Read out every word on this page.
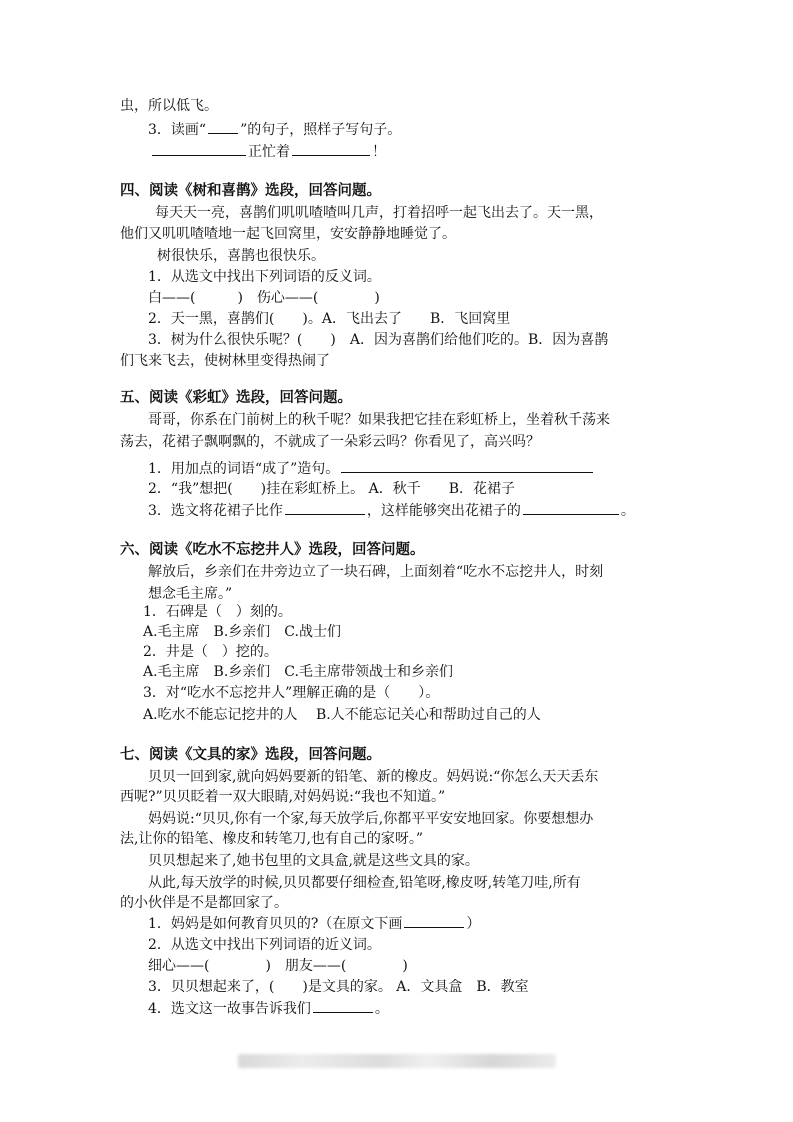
虫，所以低飞。
3．读画“ ”的句子，照样子写句子。
正忙着	！
四、阅读《树和喜鹊》选段，回答问题。
每天天一亮，喜鹊们叽叽喳喳叫几声，打着招呼一起飞出去了。天一黑，
他们又叽叽喳喳地一起飞回窝里，安安静静地睡觉了。
树很快乐，喜鹊也很快乐。
1．从选文中找出下列词语的反义词。
白——(　　　)　伤心——(　　　　)
2．天一黑，喜鹊们(　　)。A．飞出去了　　B．飞回窝里
3．树为什么很快乐呢？(　　)　A．因为喜鹊们给他们吃的。B．因为喜鹊
们飞来飞去，使树林里变得热闹了
五、阅读《彩虹》选段，回答问题。
哥哥，你系在门前树上的秋千呢？如果我把它挂在彩虹桥上，坐着秋千荡来
荡去，花裙子飘啊飘的，不就成了一朵彩云吗？你看见了，高兴吗？
1．用加点的词语“成了”造句。
2．“我”想把(　　)挂在彩虹桥上。 A．秋千　　B．花裙子
3．选文将花裙子比作	，这样能够突出花裙子的	。
六、阅读《吃水不忘挖井人》选段，回答问题。
解放后，乡亲们在井旁边立了一块石碑，上面刻着“吃水不忘挖井人，时刻
想念毛主席。”
1．石碑是（　）刻的。
A.毛主席　B.乡亲们　C.战士们
2．井是（　）挖的。
A.毛主席　B.乡亲们　C.毛主席带领战士和乡亲们
3．对“吃水不忘挖井人”理解正确的是（　　）。
A.吃水不能忘记挖井的人　 B.人不能忘记关心和帮助过自己的人
七、阅读《文具的家》选段，回答问题。
贝贝一回到家,就向妈妈要新的铅笔、新的橡皮。妈妈说:“你怎么天天丢东
西呢?”贝贝眨着一双大眼睛,对妈妈说:“我也不知道。”
妈妈说:“贝贝,你有一个家,每天放学后,你都平平安安地回家。你要想想办
法,让你的铅笔、橡皮和转笔刀,也有自己的家呀。”
贝贝想起来了,她书包里的文具盒,就是这些文具的家。
从此,每天放学的时候,贝贝都要仔细检查,铅笔呀,橡皮呀,转笔刀哇,所有
的小伙伴是不是都回家了。
1．妈妈是如何教育贝贝的?（在原文下画	）
2．从选文中找出下列词语的近义词。
细心——(　　　　)　朋友——(　　　　)
3．贝贝想起来了，(　　)是文具的家。 A．文具盒　B．教室
4．选文这一故事告诉我们	。
